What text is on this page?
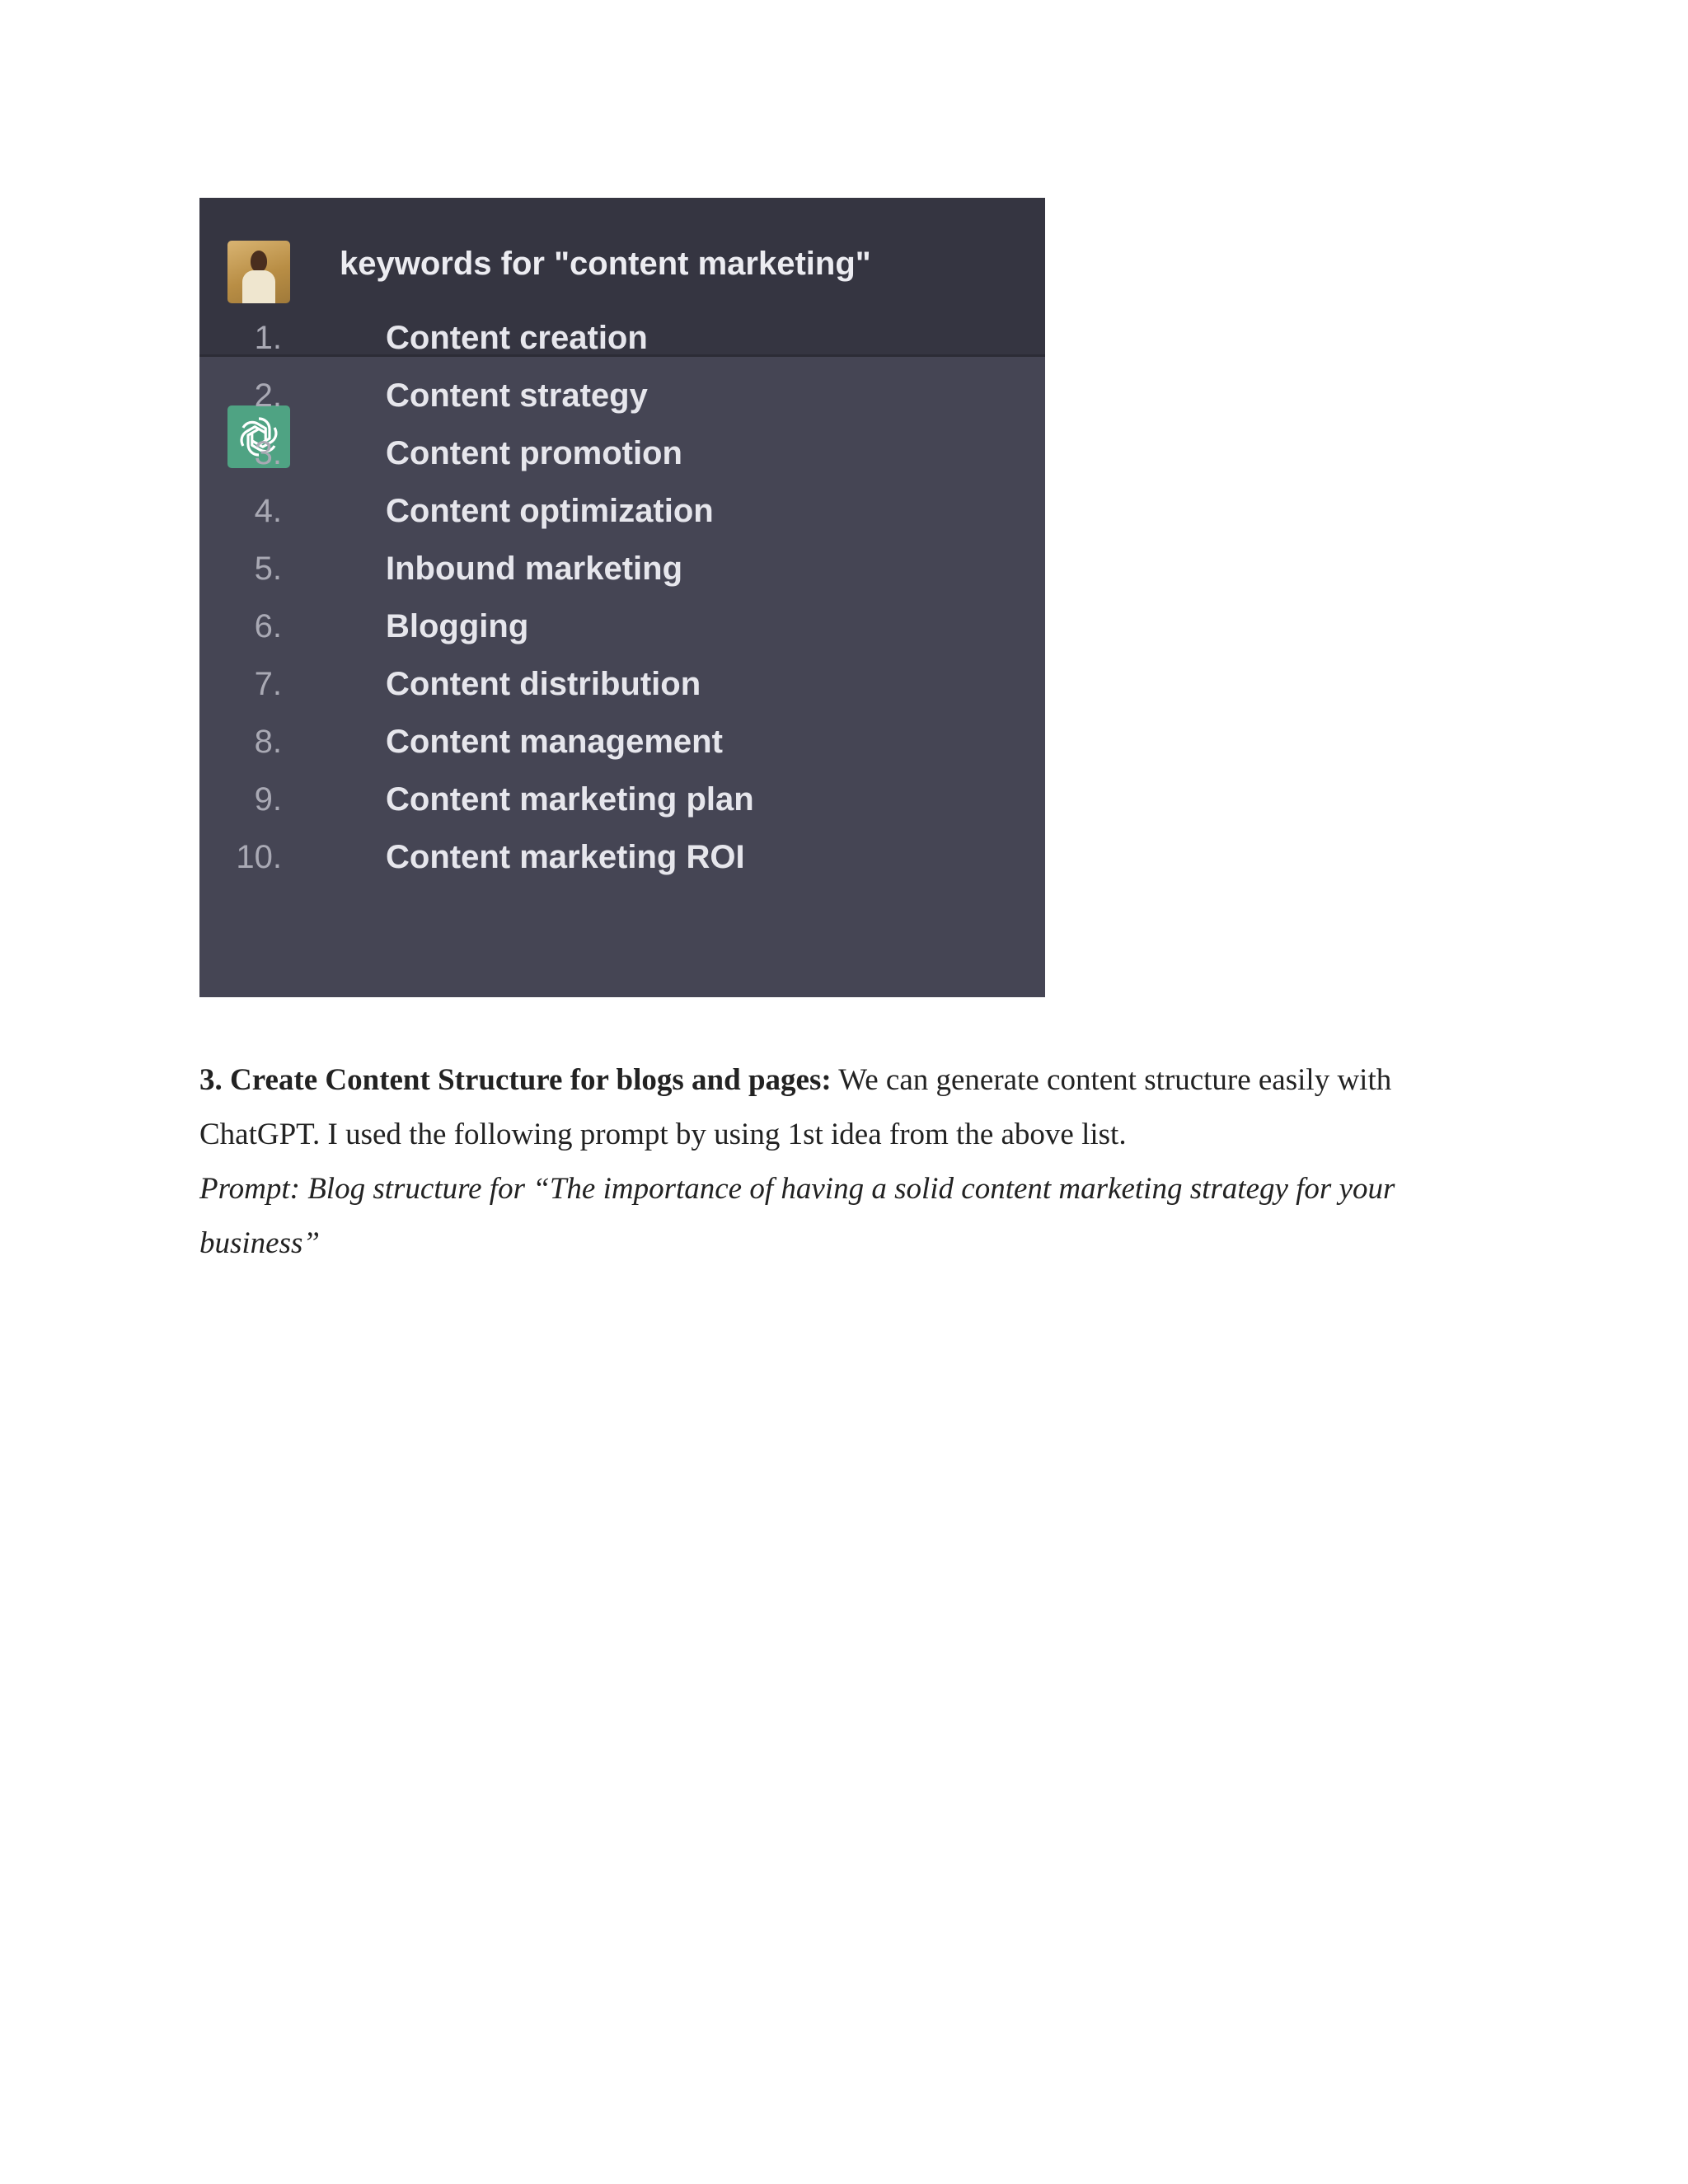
keywords for "content marketing"
1.	Content creation
2.	Content strategy
3.	Content promotion
4.	Content optimization
5.	Inbound marketing
6.	Blogging
7.	Content distribution
8.	Content management
9.	Content marketing plan
10.	Content marketing ROI

3. Create Content Structure for blogs and pages: We can generate content structure easily with ChatGPT. I used the following prompt by using 1st idea from the above list.

Prompt: Blog structure for “The importance of having a solid content marketing strategy for your business”
